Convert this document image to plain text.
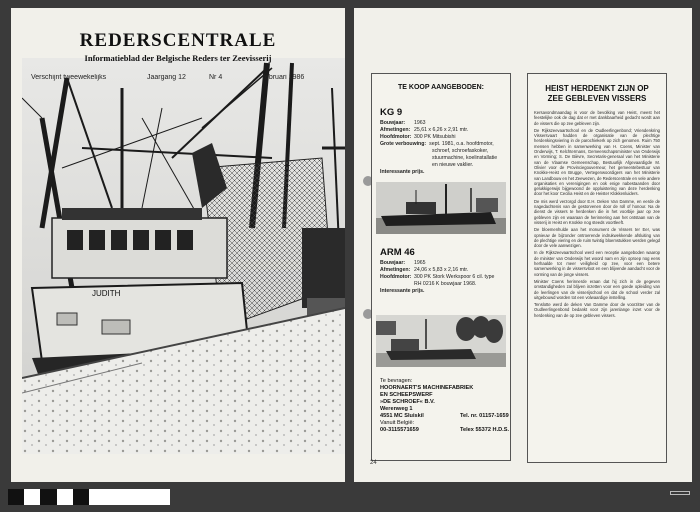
JUDITH
REDERSCENTRALE
Informatieblad der Belgische Reders ter Zeevisserij
Verschijnt tweewekelijks	Jaargang 12	Nr 4	februari 1986
TE KOOP AANGEBODEN:
KG 9
Bouwjaar: 1963
Afmetingen: 25,61 x 6,26 x 2,91 mtr.
Hoofdmotor: 300 PK Mitsubishi
Grote verbouwing: sept. 1981, o.a. hoofdmotor,
schroef, schroefaskoker,
stuurmachine, koelinstallatie
en nieuwe vaklier.
Interessante prijs.
ARM 46
Bouwjaar: 1965
Afmetingen: 24,06 x 5,83 x 2,16 mtr.
Hoofdmotor: 300 PK Stork Werkspoor 6 cil. type
RH 0216 K bouwjaar 1968.
Interessante prijs.
Te bevragen:
HOORNAERT'S MACHINEFABRIEK
EN SCHEEPSWERF
»DE SCHROEF« B.V.
Werenweg 1
4551 MC Sluiskil	Tel. nr. 01157-1659
Vanuit België:
00-3115571659	Telex 55372 H.D.S.
HEIST HERDENKT ZIJN OP
ZEE GEBLEVEN VISSERS

Kersavondmaandag is voor de bevolking van Heist, meest het feestelijke ook de dag dat er met dankbaarheid gedacht wordt aan de vissers die op zee gebleven zijn.

De Rijkszeevaartschool en de Oudleerlingenbond; Vriendenkring Vissersvaart hadden de organisatie van de plechtige herdenkingsviering in de parochiekerk op zich genomen. Ruim 750 mensen hebben in samenwerking van H. Coens, Minister van Onderwijs, T. Kelchtermans, Gemeenschapsminister van Onderwijs en Vorming; S. De Bièvre, Secretaris-generaal van het Ministerie van de Vlaamse Gemeenschap, Bestuurlijk Afgevaardigde M. Olivier voor de Provinciegouverneur, het gemeentebestuur van Knokke-Heist en Brugge, Vertegenwoordigers van het Ministerie van Landbouw en het Zeewezen, de Rederscentrale en vele andere organisaties en verenigingen en ook enige nabestaanden door gelukkigerwijs bijgewoond de oppluistering van deze herdenking door het koor Cecilia Heist en de Heister Klokkenluiders.

De mis werd verzorgd door E.H. Deken Van Damme, en eerde de nagedachtenis van de gestorvenen door de roll of honour. Na de dienst de vissers te herdenken die in het voorbije jaar op zee gebleven zijn en waaraan de herinnering aan het ontstaan van de visserij in Heist en Knokke nog steeds voortleeft.

De bloemenhulde aan het monument de Vissers ter Eer, was opnieuw de bijzonder ontroerende indrukwekkende afsluiting van de plechtige viering en de ruim twintig bloemstukken werden gelegd door de vele aanwezigen.

In de Rijkszeevaartschool werd een receptie aangeboden waarop de minister van Onderwijs het woord nam en zijn oproep nog eens herhaalde tot meer veiligheid op zee, voor een betere samenwerking in de vissersvloot en een blijvende aandacht voor de vorming van de jonge vissers.

Minister Coens herinnerde eraan dat hij zich in de gegeven omstandigheden zal blijven inzetten voor een goede opleiding van de leerlingen van de visserijschool en dat de school verder zal uitgebouwd worden tot een volwaardige instelling.

Tenslotte werd de deken Van Damme door de voorzitter van de Oudleerlingenbond bedankt voor zijn jarenlange inzet voor de herdenking van de op zee gebleven vissers.

24
